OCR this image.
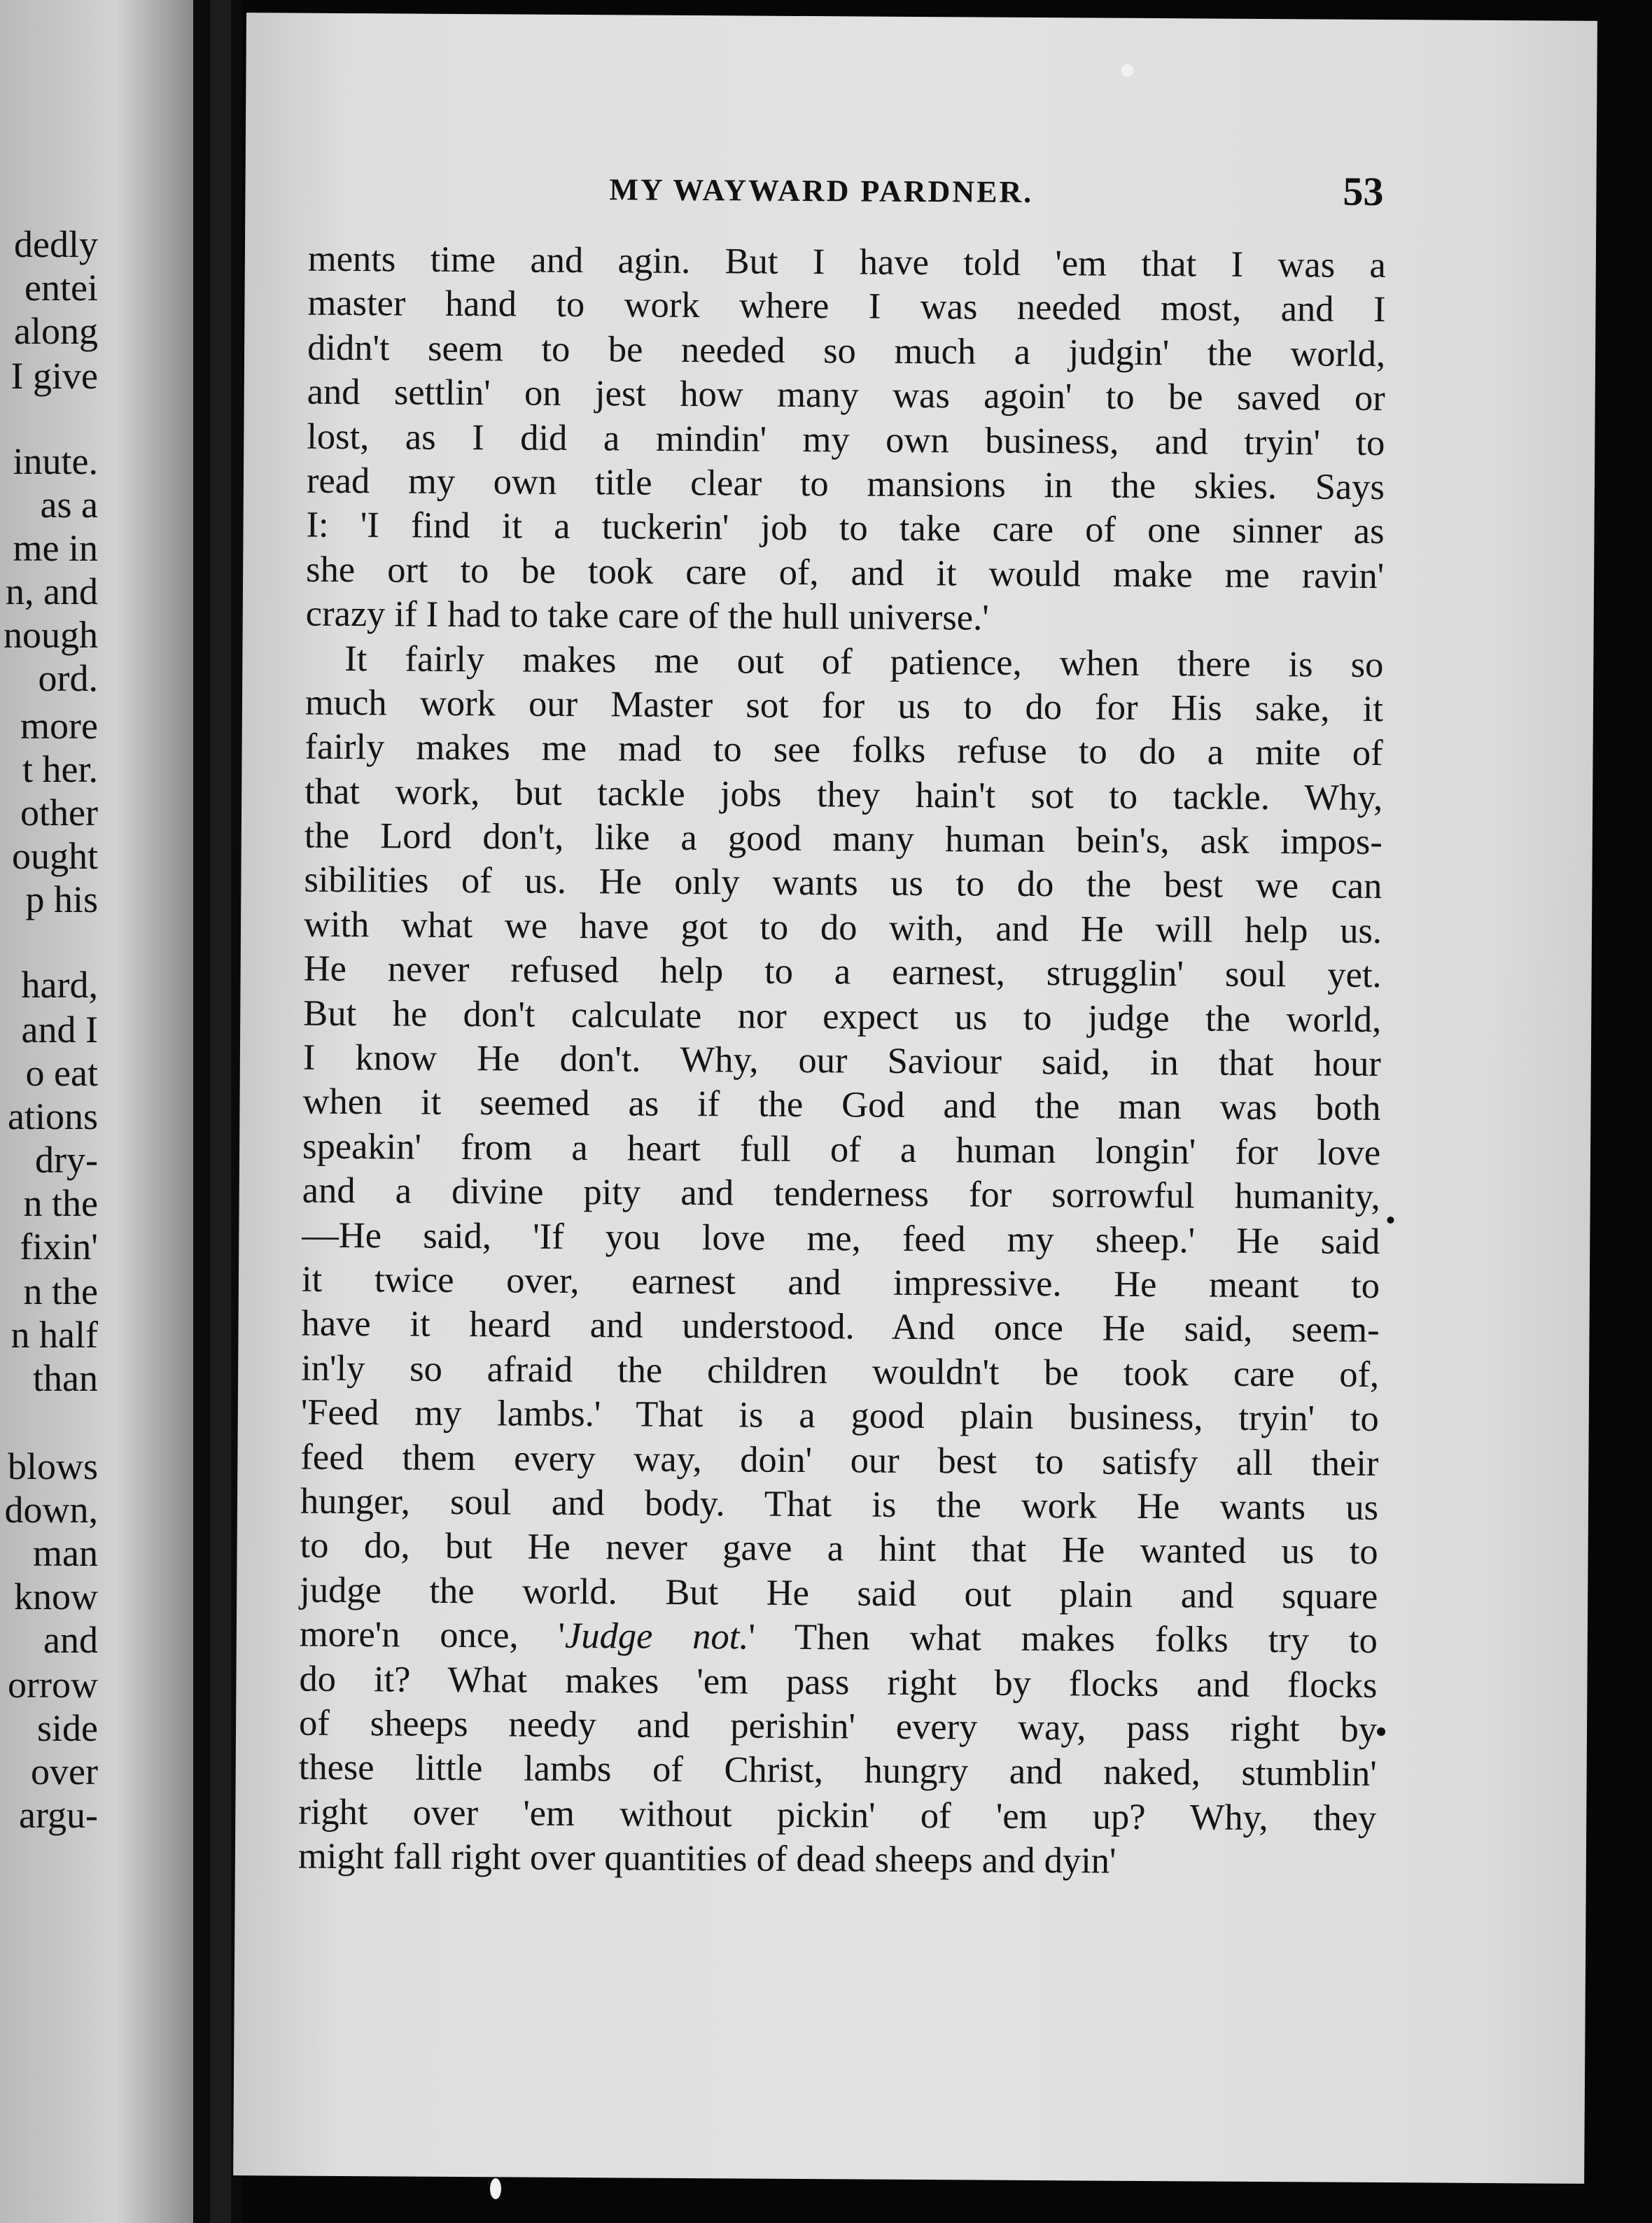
dedly
entei
along
I give
inute.
as a
me in
n, and
nough
ord.
more
t her.
other
ought
p his
hard,
and I
o eat
ations
dry-
n the
fixin'
n the
n half
than
blows
down,
man
know
and
orrow
side
over
argu-
MY WAYWARD PARDNER.	53
ments time and agin. But I have told 'em that I was a
master hand to work where I was needed most, and I
didn't seem to be needed so much a judgin' the world,
and settlin' on jest how many was agoin' to be saved or
lost, as I did a mindin' my own business, and tryin' to
read my own title clear to mansions in the skies. Says
I: 'I find it a tuckerin' job to take care of one sinner as
she ort to be took care of, and it would make me ravin'
crazy if I had to take care of the hull universe.'
It fairly makes me out of patience, when there is so
much work our Master sot for us to do for His sake, it
fairly makes me mad to see folks refuse to do a mite of
that work, but tackle jobs they hain't sot to tackle. Why,
the Lord don't, like a good many human bein's, ask impos-
sibilities of us. He only wants us to do the best we can
with what we have got to do with, and He will help us.
He never refused help to a earnest, strugglin' soul yet.
But he don't calculate nor expect us to judge the world,
I know He don't. Why, our Saviour said, in that hour
when it seemed as if the God and the man was both
speakin' from a heart full of a human longin' for love
and a divine pity and tenderness for sorrowful humanity,
—He said, 'If you love me, feed my sheep.' He said
it twice over, earnest and impressive. He meant to
have it heard and understood. And once He said, seem-
in'ly so afraid the children wouldn't be took care of,
'Feed my lambs.' That is a good plain business, tryin' to
feed them every way, doin' our best to satisfy all their
hunger, soul and body. That is the work He wants us
to do, but He never gave a hint that He wanted us to
judge the world. But He said out plain and square
more'n once, 'Judge not.' Then what makes folks try to
do it? What makes 'em pass right by flocks and flocks
of sheeps needy and perishin' every way, pass right by
these little lambs of Christ, hungry and naked, stumblin'
right over 'em without pickin' of 'em up? Why, they
might fall right over quantities of dead sheeps and dyin'
